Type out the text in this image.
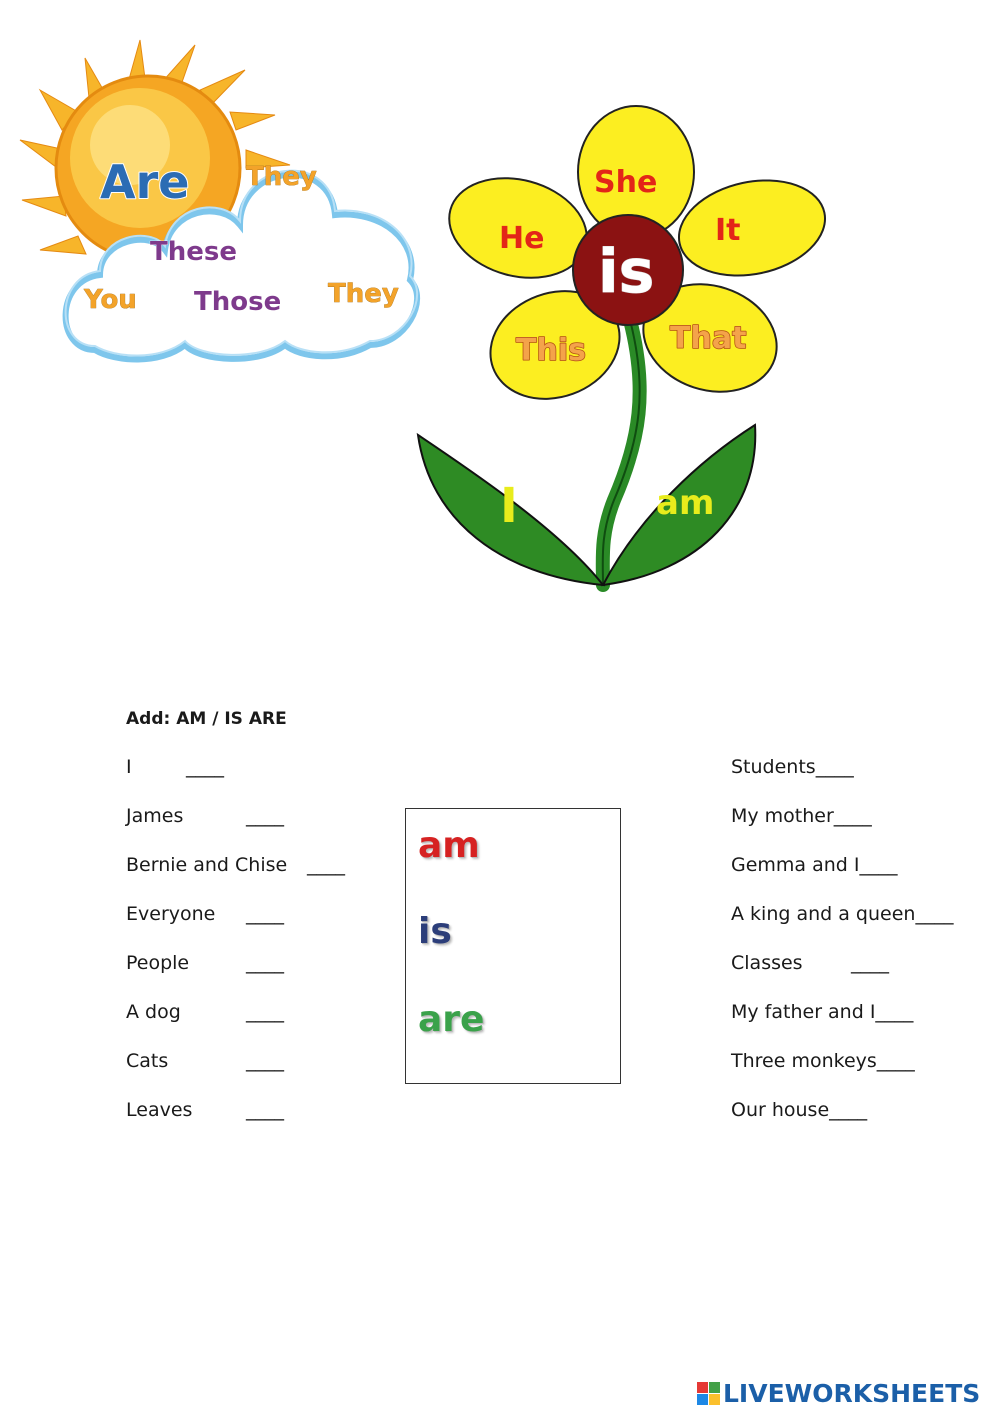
Are They
These
You Those They	is
She
He	It
This	That
I	am
Add: AM / IS ARE
I	____
James	____
Bernie and Chise ____
Everyone ____
People	____
A dog	____
Cats	____
Leaves	____
am
is
are
Students____
My mother____
Gemma and I____
A king and a queen____
Classes	____
My father and I____
Three monkeys____
Our house____
LIVEWORKSHEETS
